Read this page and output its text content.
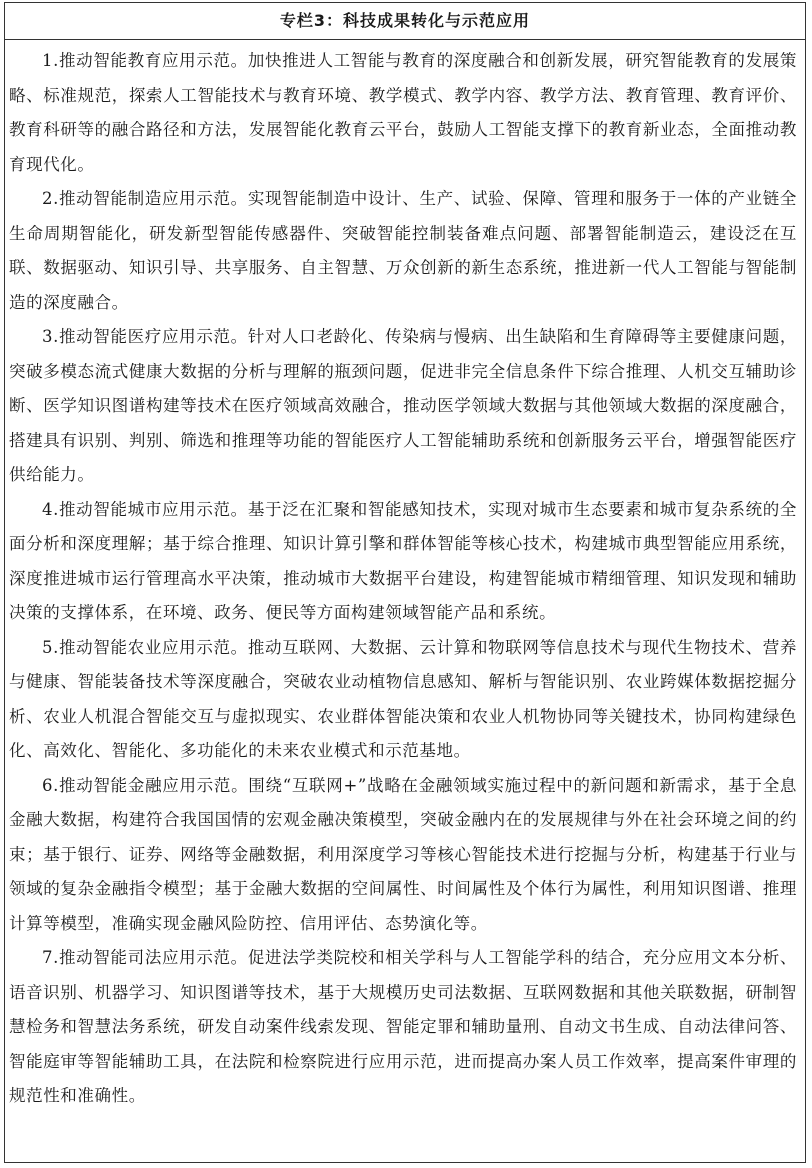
专栏3：科技成果转化与示范应用

1.推动智能教育应用示范。加快推进人工智能与教育的深度融合和创新发展，研究智能教育的发展策略、标准规范，探索人工智能技术与教育环境、教学模式、教学内容、教学方法、教育管理、教育评价、教育科研等的融合路径和方法，发展智能化教育云平台，鼓励人工智能支撑下的教育新业态，全面推动教育现代化。

2.推动智能制造应用示范。实现智能制造中设计、生产、试验、保障、管理和服务于一体的产业链全生命周期智能化，研发新型智能传感器件、突破智能控制装备难点问题、部署智能制造云，建设泛在互联、数据驱动、知识引导、共享服务、自主智慧、万众创新的新生态系统，推进新一代人工智能与智能制造的深度融合。

3.推动智能医疗应用示范。针对人口老龄化、传染病与慢病、出生缺陷和生育障碍等主要健康问题，突破多模态流式健康大数据的分析与理解的瓶颈问题，促进非完全信息条件下综合推理、人机交互辅助诊断、医学知识图谱构建等技术在医疗领域高效融合，推动医学领域大数据与其他领域大数据的深度融合，搭建具有识别、判别、筛选和推理等功能的智能医疗人工智能辅助系统和创新服务云平台，增强智能医疗供给能力。

4.推动智能城市应用示范。基于泛在汇聚和智能感知技术，实现对城市生态要素和城市复杂系统的全面分析和深度理解；基于综合推理、知识计算引擎和群体智能等核心技术，构建城市典型智能应用系统，深度推进城市运行管理高水平决策，推动城市大数据平台建设，构建智能城市精细管理、知识发现和辅助决策的支撑体系，在环境、政务、便民等方面构建领域智能产品和系统。

5.推动智能农业应用示范。推动互联网、大数据、云计算和物联网等信息技术与现代生物技术、营养与健康、智能装备技术等深度融合，突破农业动植物信息感知、解析与智能识别、农业跨媒体数据挖掘分析、农业人机混合智能交互与虚拟现实、农业群体智能决策和农业人机物协同等关键技术，协同构建绿色化、高效化、智能化、多功能化的未来农业模式和示范基地。

6.推动智能金融应用示范。围绕“互联网+”战略在金融领域实施过程中的新问题和新需求，基于全息金融大数据，构建符合我国国情的宏观金融决策模型，突破金融内在的发展规律与外在社会环境之间的约束；基于银行、证券、网络等金融数据，利用深度学习等核心智能技术进行挖掘与分析，构建基于行业与领域的复杂金融指令模型；基于金融大数据的空间属性、时间属性及个体行为属性，利用知识图谱、推理计算等模型，准确实现金融风险防控、信用评估、态势演化等。

7.推动智能司法应用示范。促进法学类院校和相关学科与人工智能学科的结合，充分应用文本分析、语音识别、机器学习、知识图谱等技术，基于大规模历史司法数据、互联网数据和其他关联数据，研制智慧检务和智慧法务系统，研发自动案件线索发现、智能定罪和辅助量刑、自动文书生成、自动法律问答、智能庭审等智能辅助工具，在法院和检察院进行应用示范，进而提高办案人员工作效率，提高案件审理的规范性和准确性。
